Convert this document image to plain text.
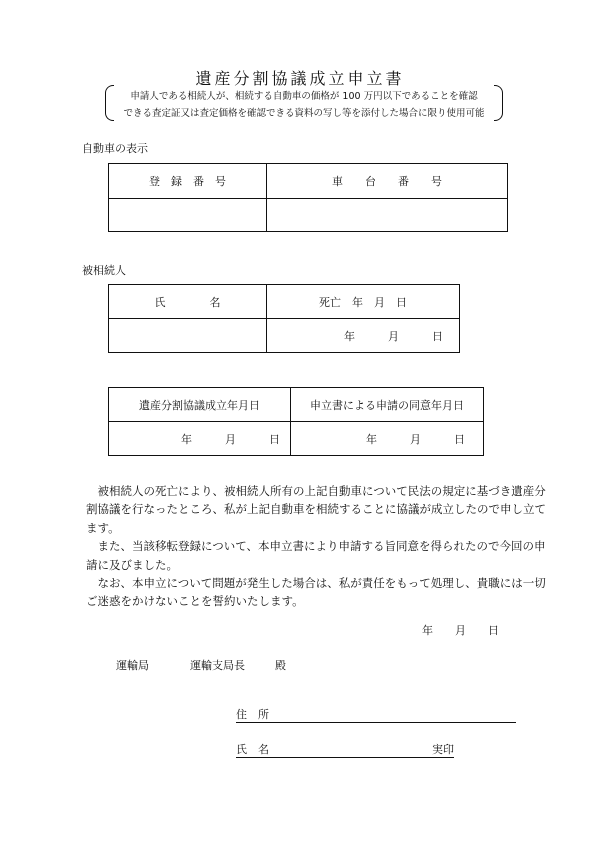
遺産分割協議成立申立書
申請人である相続人が、相続する自動車の価格が 100 万円以下であることを確認
できる査定証又は査定価格を確認できる資料の写し等を添付した場合に限り使用可能
自動車の表示
登　録　番　号	車　　台　　番　　号

被相続人
氏　　　　名	死亡　年　月　日
	年　　　月　　　日
遺産分割協議成立年月日	申立書による申請の同意年月日
年　　　月　　　日	年　　　月　　　日

被相続人の死亡により、被相続人所有の上記自動車について民法の規定に基づき遺産分割協議を行なったところ、私が上記自動車を相続することに協議が成立したので申し立てます。

また、当該移転登録について、本申立書により申請する旨同意を得られたので今回の申請に及びました。

なお、本申立について問題が発生した場合は、私が責任をもって処理し、貴職には一切ご迷惑をかけないことを誓約いたします。

年　　月　　日
運輸局	運輸支局長	殿
住　所
氏　名	実印
